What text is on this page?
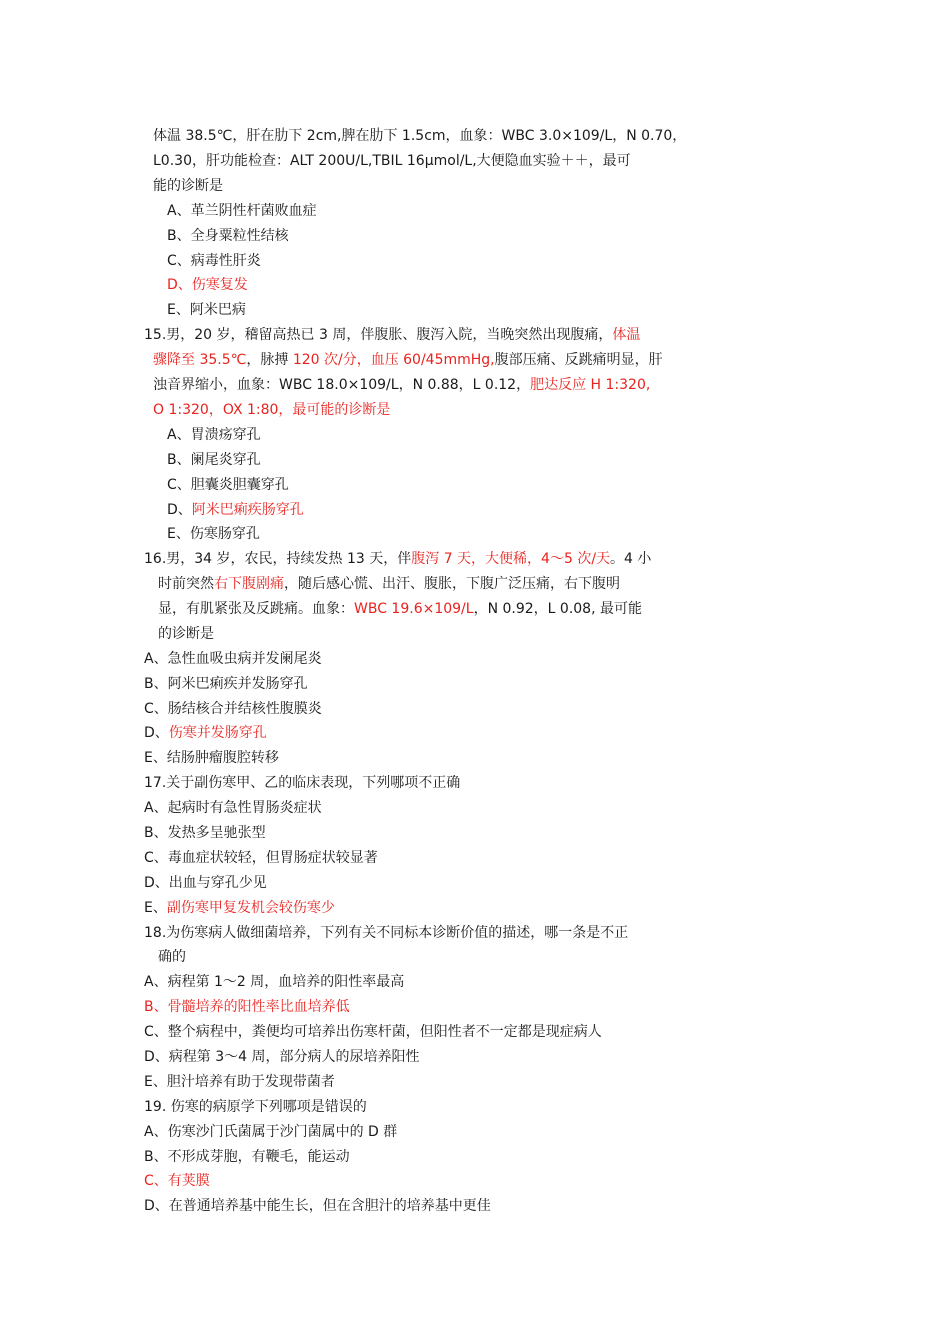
体温 38.5℃，肝在肋下 2cm,脾在肋下 1.5cm，血象：WBC 3.0×109/L，N 0.70，
L0.30，肝功能检查：ALT 200U/L,TBIL 16μmol/L,大便隐血实验＋＋，最可
能的诊断是
A、革兰阴性杆菌败血症
B、全身粟粒性结核
C、病毒性肝炎
D、伤寒复发
E、阿米巴病
15.男，20 岁，稽留高热已 3 周，伴腹胀、腹泻入院，当晚突然出现腹痛，体温
骤降至 35.5℃，脉搏 120 次/分，血压 60/45mmHg,腹部压痛、反跳痛明显，肝
浊音界缩小，血象：WBC 18.0×109/L，N 0.88，L 0.12，肥达反应 H 1:320,
O 1:320，OX 1:80，最可能的诊断是
A、胃溃疡穿孔
B、阑尾炎穿孔
C、胆囊炎胆囊穿孔
D、阿米巴痢疾肠穿孔
E、伤寒肠穿孔
16.男，34 岁，农民，持续发热 13 天，伴腹泻 7 天，大便稀，4～5 次/天。4 小
时前突然右下腹剧痛，随后感心慌、出汗、腹胀，下腹广泛压痛，右下腹明
显，有肌紧张及反跳痛。血象：WBC 19.6×109/L，N 0.92，L 0.08, 最可能
的诊断是
A、急性血吸虫病并发阑尾炎
B、阿米巴痢疾并发肠穿孔
C、肠结核合并结核性腹膜炎
D、伤寒并发肠穿孔
E、结肠肿瘤腹腔转移
17.关于副伤寒甲、乙的临床表现，下列哪项不正确
A、起病时有急性胃肠炎症状
B、发热多呈驰张型
C、毒血症状较轻，但胃肠症状较显著
D、出血与穿孔少见
E、副伤寒甲复发机会较伤寒少
18.为伤寒病人做细菌培养，下列有关不同标本诊断价值的描述，哪一条是不正
确的
A、病程第 1～2 周，血培养的阳性率最高
B、骨髓培养的阳性率比血培养低
C、整个病程中，粪便均可培养出伤寒杆菌，但阳性者不一定都是现症病人
D、病程第 3～4 周，部分病人的尿培养阳性
E、胆汁培养有助于发现带菌者
19. 伤寒的病原学下列哪项是错误的
A、伤寒沙门氏菌属于沙门菌属中的 D 群
B、不形成芽胞，有鞭毛，能运动
C、有荚膜
D、在普通培养基中能生长，但在含胆汁的培养基中更佳
